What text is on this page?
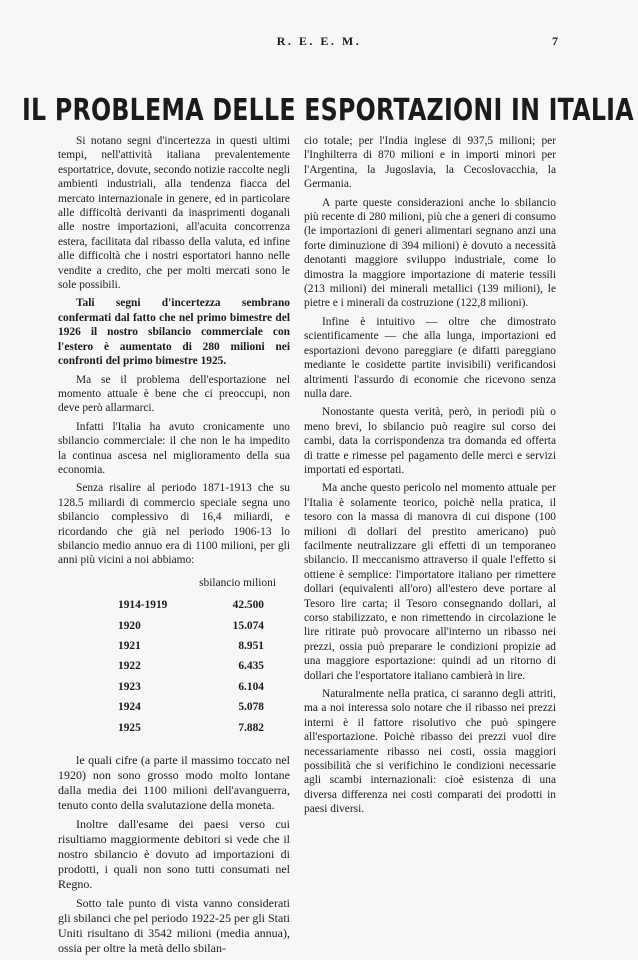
R. E. E. M.	7
IL PROBLEMA DELLE ESPORTAZIONI IN ITALIA

Si notano segni d'incertezza in questi ultimi tempi, nell'attività italiana prevalentemente esportatrice, dovute, secondo notizie raccolte negli ambienti industriali, alla tendenza fiacca del mercato internazionale in genere, ed in particolare alle difficoltà derivanti da inasprimenti doganali alle nostre importazioni, all'acuita concorrenza estera, facilitata dal ribasso della valuta, ed infine alle difficoltà che i nostri esportatori hanno nelle vendite a credito, che per molti mercati sono le sole possibili.

Tali segni d'incertezza sembrano confermati dal fatto che nel primo bimestre del 1926 il nostro sbilancio commerciale con l'estero è aumentato di 280 milioni nei confronti del primo bimestre 1925.

Ma se il problema dell'esportazione nel momento attuale è bene che ci preoccupi, non deve però allarmarci.

Infatti l'Italia ha avuto cronicamente uno sbilancio commerciale: il che non le ha impedito la continua ascesa nel miglioramento della sua economia.

Senza risalire al periodo 1871-1913 che su 128.5 miliardi di commercio speciale segna uno sbilancio complessivo di 16,4 miliardi, e ricordando che già nel periodo 1906-13 lo sbilancio medio annuo era di 1100 milioni, per gli anni più vicini a noi abbiamo:

sbilancio milioni	
1914-1919	42.500
1920	15.074
1921	8.951
1922	6.435
1923	6.104
1924	5.078
1925	7.882

le quali cifre (a parte il massimo toccato nel 1920) non sono grosso modo molto lontane dalla media dei 1100 milioni dell'avanguerra, tenuto conto della svalutazione della moneta.

Inoltre dall'esame dei paesi verso cui risultiamo maggiormente debitori si vede che il nostro sbilancio è dovuto ad importazioni di prodotti, i quali non sono tutti consumati nel Regno.

Sotto tale punto di vista vanno considerati gli sbilanci che pel periodo 1922-25 per gli Stati Uniti risultano di 3542 milioni (media annua), ossia per oltre la metà dello sbilan-

cio totale; per l'India inglese di 937,5 milioni; per l'Inghilterra di 870 milioni e in importi minori per l'Argentina, la Jugoslavia, la Cecoslovacchia, la Germania.

A parte queste considerazioni anche lo sbilancio più recente di 280 milioni, più che a generi di consumo (le importazioni di generi alimentari segnano anzi una forte diminuzione di 394 milioni) è dovuto a necessità denotanti maggiore sviluppo industriale, come lo dimostra la maggiore importazione di materie tessili (213 milioni) dei minerali metallici (139 milioni), le pietre e i minerali da costruzione (122,8 milioni).

Infine è intuitivo — oltre che dimostrato scientificamente — che alla lunga, importazioni ed esportazioni devono pareggiare (e difatti pareggiano mediante le cosidette partite invisibili) verificandosi altrimenti l'assurdo di economie che ricevono senza nulla dare.

Nonostante questa verità, però, in periodi più o meno brevi, lo sbilancio può reagire sul corso dei cambi, data la corrispondenza tra domanda ed offerta di tratte e rimesse pel pagamento delle merci e servizi importati ed esportati.

Ma anche questo pericolo nel momento attuale per l'Italia è solamente teorico, poichè nella pratica, il tesoro con la massa di manovra di cui dispone (100 milioni di dollari del prestito americano) può facilmente neutralizzare gli effetti di un temporaneo sbilancio. Il meccanismo attraverso il quale l'effetto si ottiene è semplice: l'importatore italiano per rimettere dollari (equivalenti all'oro) all'estero deve portare al Tesoro lire carta; il Tesoro consegnando dollari, al corso stabilizzato, e non rimettendo in circolazione le lire ritirate può provocare all'interno un ribasso nei prezzi, ossia può preparare le condizioni propizie ad una maggiore esportazione: quindi ad un ritorno di dollari che l'esportatore italiano cambierà in lire.

Naturalmente nella pratica, ci saranno degli attriti, ma a noi interessa solo notare che il ribasso nei prezzi interni è il fattore risolutivo che può spingere all'esportazione. Poichè ribasso dei prezzi vuol dire necessariamente ribasso nei costi, ossia maggiori possibilità che si verifichino le condizioni necessarie agli scambi internazionali: cioè esistenza di una diversa differenza nei costi comparati dei prodotti in paesi diversi.
